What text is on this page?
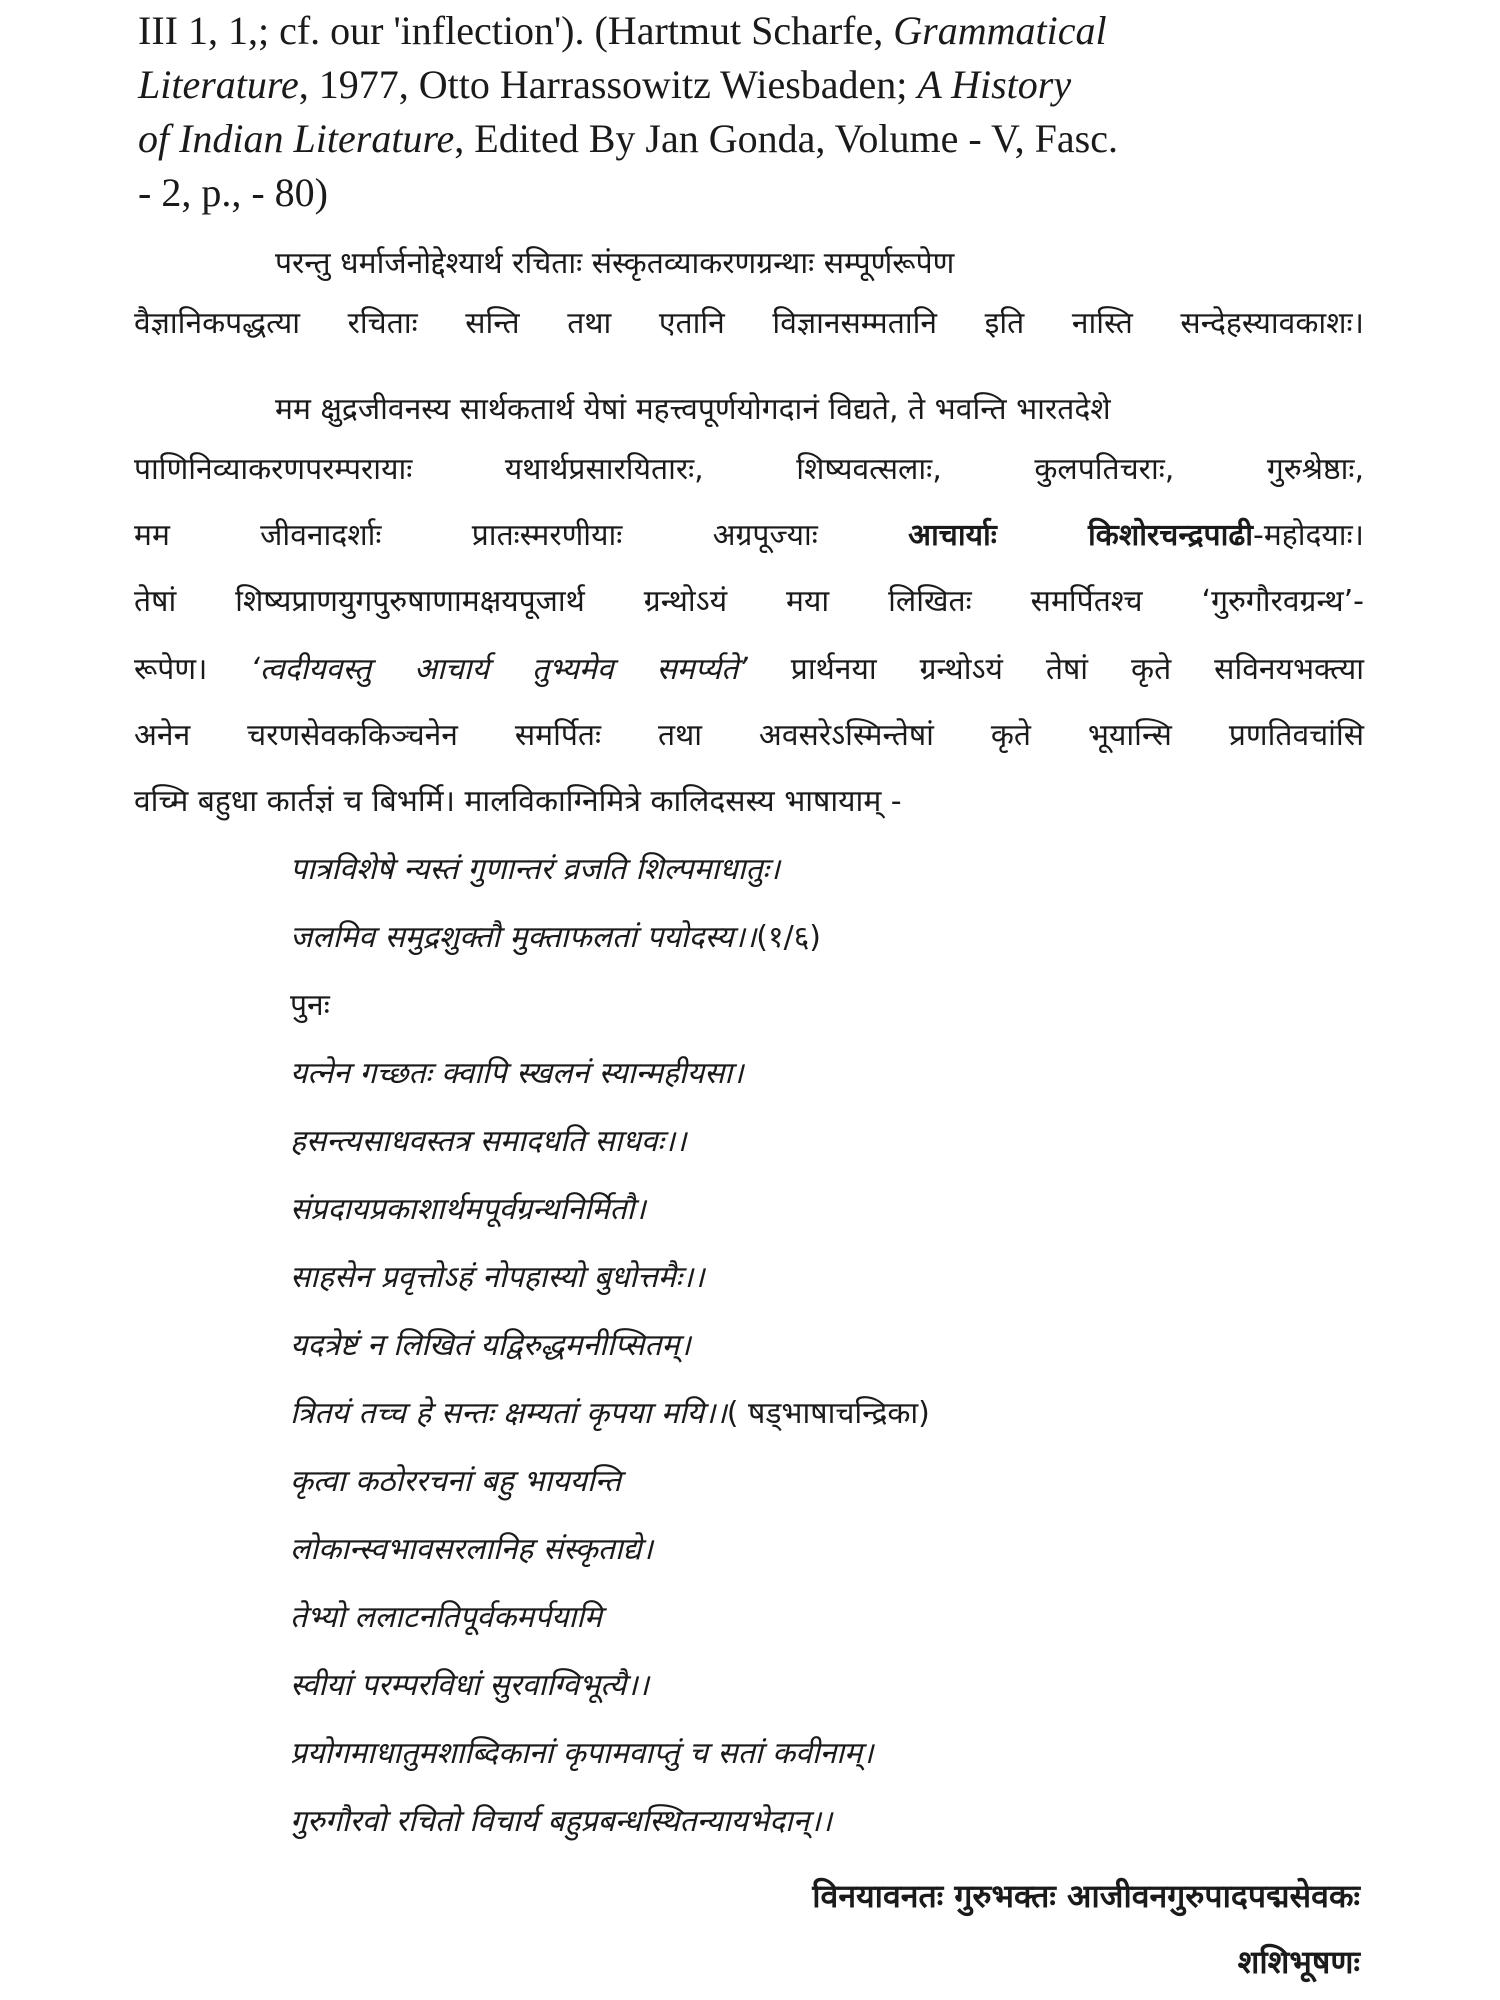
III 1, 1,; cf. our 'inflection'). (Hartmut Scharfe, Grammatical
Literature, 1977, Otto Harrassowitz Wiesbaden; A History
of Indian Literature, Edited By Jan Gonda, Volume - V, Fasc.
- 2, p., - 80)
परन्तु धर्मार्जनोद्देश्यार्थ रचिताः संस्कृतव्याकरणग्रन्थाः सम्पूर्णरूपेण
वैज्ञानिकपद्धत्या रचिताः सन्ति तथा एतानि विज्ञानसम्मतानि इति नास्ति सन्देहस्यावकाशः।
मम क्षुद्रजीवनस्य सार्थकतार्थ येषां महत्त्वपूर्णयोगदानं विद्यते, ते भवन्ति भारतदेशे
पाणिनिव्याकरणपरम्परायाः यथार्थप्रसारयितारः, शिष्यवत्सलाः, कुलपतिचराः, गुरुश्रेष्ठाः,
मम जीवनादर्शाः प्रातःस्मरणीयाः अग्रपूज्याः आचार्याः किशोरचन्द्रपाढी-महोदयाः।
तेषां शिष्यप्राणयुगपुरुषाणामक्षयपूजार्थ ग्रन्थोऽयं मया लिखितः समर्पितश्च ‘गुरुगौरवग्रन्थ’-
रूपेण। ‘त्वदीयवस्तु आचार्य तुभ्यमेव समर्प्यते’ प्रार्थनया ग्रन्थोऽयं तेषां कृते सविनयभक्त्या
अनेन चरणसेवककिञ्चनेन समर्पितः तथा अवसरेऽस्मिन्तेषां कृते भूयान्सि प्रणतिवचांसि
वच्मि बहुधा कार्तज्ञं च बिभर्मि। मालविकाग्निमित्रे कालिदसस्य भाषायाम् -
पात्रविशेषे न्यस्तं गुणान्तरं व्रजति शिल्पमाधातुः।
जलमिव समुद्रशुक्तौ मुक्ताफलतां पयोदस्य।।(१/६)
पुनः
यत्नेन गच्छतः क्वापि स्खलनं स्यान्महीयसा।
हसन्त्यसाधवस्तत्र समादधति साधवः।।
संप्रदायप्रकाशार्थमपूर्वग्रन्थनिर्मितौ।
साहसेन प्रवृत्तोऽहं नोपहास्यो बुधोत्तमैः।।
यदत्रेष्टं न लिखितं यद्विरुद्धमनीप्सितम्।
त्रितयं तच्च हे सन्तः क्षम्यतां कृपया मयि।।( षड्भाषाचन्द्रिका)
कृत्वा कठोररचनां बहु भाययन्ति
लोकान्स्वभावसरलानिह संस्कृताद्ये।
तेभ्यो ललाटनतिपूर्वकमर्पयामि
स्वीयां परम्परविधां सुरवाग्विभूत्यै।।
प्रयोगमाधातुमशाब्दिकानां कृपामवाप्तुं च सतां कवीनाम्।
गुरुगौरवो रचितो विचार्य बहुप्रबन्धस्थितन्यायभेदान्।।
विनयावनतः गुरुभक्तः आजीवनगुरुपादपद्मसेवकः
शशिभूषणः
